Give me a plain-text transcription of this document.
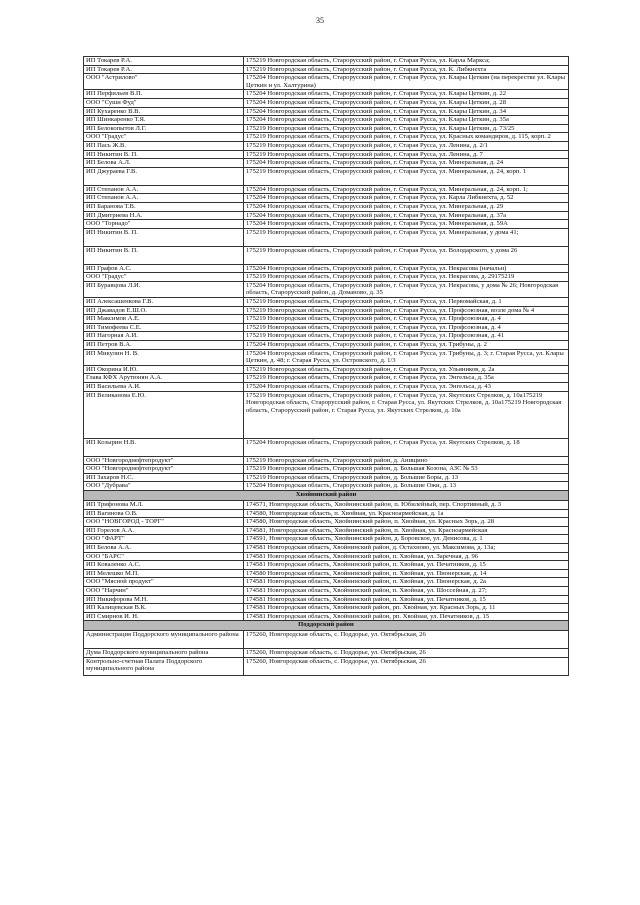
35
ИП Токарев Р.А.	175219 Новгородская область, Старорусский район, г. Старая Русса, ул. Карла Маркса;
ИП Токарев Р.А.	175219 Новгородская область, Старорусский район, г. Старая Русса, ул. К. Либкнехта
ООО "Астрилово"	175204 Новгородская область, Старорусский район, г. Старая Русса, ул. Клары Цеткин (на перекрестке ул. Клары Цеткин и ул. Халтурина)
ИП Перфильев В.П.	175204 Новгородская область, Старорусский район, г. Старая Русса, ул. Клары Цеткин, д. 22
ООО "Суши Фуд"	175204 Новгородская область, Старорусский район, г. Старая Русса, ул. Клары Цеткин, д. 28
ИП Кухаренко В.В.	175204 Новгородская область, Старорусский район, г. Старая Русса, ул. Клары Цеткин, д. 34
ИП Шинкаренко Т.Я.	175204 Новгородская область, Старорусский район, г. Старая Русса, ул. Клары Цеткин, д. 35а
ИП Белокопытов Л.Г.	175219 Новгородская область, Старорусский район, г. Старая Русса, ул. Клары Цеткин, д. 73/25
ООО "Градус"	175219 Новгородская область, Старорусский район, г. Старая Русса, ул. Красных командиров, д. 115, корп. 2
ИП Пась Ж.В.	175219 Новгородская область, Старорусский район, г. Старая Русса, ул. Ленина, д. 2/1
ИП Никитин В. П.	175219 Новгородская область, Старорусский район, г. Старая Русса, ул. Ленина, д. 7
ИП Белова А.Л.	175204 Новгородская область, Старорусский район, г. Старая Русса, ул. Минеральная, д. 24
ИП Джураева Г.В.	175219 Новгородская область, Старорусский район, г. Старая Русса, ул. Минеральная, д. 24, корп. 1
ИП Степанов А.А.	175204 Новгородская область, Старорусский район, г. Старая Русса, ул. Минеральная, д. 24, корп. 1;
ИП Степанов А.А.	175204 Новгородская область, Старорусский район, г. Старая Русса, ул. Карла Либкнехта, д. 52
ИП Баранова Т.В.	175204 Новгородская область, Старорусский район, г. Старая Русса, ул. Минеральная, д. 29
ИП Дмитриева Н.А.	175204 Новгородская область, Старорусский район, г. Старая Русса, ул. Минеральная, д. 37а
ООО "Торнадо"	175204 Новгородская область, Старорусский район, г. Старая Русса, ул. Минеральная, д. 59А
ИП Никитин В. П.	175219 Новгородская область, Старорусский район, г. Старая Русса, ул. Минеральная, у дома 41;
ИП Никитин В. П.	175219 Новгородская область, Старорусский район, г. Старая Русса, ул. Володарского, у дома 26
ИП Графов А.С.	175204 Новгородская область, Старорусский район, г. Старая Русса, ул. Некрасова (начальн)
ООО "Градус"	175219 Новгородская область, Старорусский район, г. Старая Русса, ул. Некрасова, д. 29175219
ИП Буравцова Л.И.	175204 Новгородская область, Старорусский район, г. Старая Русса, ул. Некрасова, у дома № 26; Новгородская область, Старорусский район, д. Доманово, д. 35
ИП Алексашенкова Г.В.	175219 Новгородская область, Старорусский район, г. Старая Русса, ул. Первомайская, д. 1
ИП Джавадов Е.Ш.О.	175219 Новгородская область, Старорусский район, г. Старая Русса, ул. Профсоюзная, возле дома № 4
ИП Максимов А.Е.	175219 Новгородская область, Старорусский район, г. Старая Русса, ул. Профсоюзная, д. 4
ИП Тимофеева С.Е.	175219 Новгородская область, Старорусский район, г. Старая Русса, ул. Профсоюзная, д. 4
ИП Нагорная А.И.	175219 Новгородская область, Старорусский район, г. Старая Русса, ул. Профсоюзная, д. 41
ИП Петров В.А.	175204 Новгородская область, Старорусский район, г. Старая Русса, ул. Трибуны, д. 2
ИП Микулин Н. В.	175204 Новгородская область, Старорусский район, г. Старая Русса, ул. Трибуны, д. 3; г. Старая Русса, ул. Клары Цеткин, д. 48; г. Старая Русса, ул. Островского, д. 1/3
ИП Окорина И.Ю.	175219 Новгородская область, Старорусский район, г. Старая Русса, ул. Ульяников, д. 2а
Глава КФХ Арутюнян А.А.	175219 Новгородская область, Старорусский район, г. Старая Русса, ул. Энгельса, д. 35а
ИП Васильева А.И.	175204 Новгородская область, Старорусский район, г. Старая Русса, ул. Энгельса, д. 43
ИП Великанова Е.Ю.	175219 Новгородская область, Старорусский район, г. Старая Русса, ул. Якутских Стрелков, д. 10а175219 Новгородская область, Старорусский район, г. Старая Русса, ул. Якутских Стрелков, д. 10а175219 Новгородская область, Старорусский район, г. Старая Русса, ул. Якутских Стрелков, д. 10а
ИП Козырин Н.В.	175204 Новгородская область, Старорусский район, г. Старая Русса, ул. Якутских Стрелков, д. 18
ООО "Новгороднефтепродукт"	175219 Новгородская область, Старорусский район, д. Анищино
ООО "Новгороднефтепродукт"	175219 Новгородская область, Старорусский район, д. Большая Козона, АЗС № 53
ИП Захаров Н.С.	175219 Новгородская область, Старорусский район, д. Большие Боры, д. 13
ООО "Дубрава"	175204 Новгородская область, Старорусский район, д. Большие Ожи, д. 13
Хвойнинский район	
ИП Трифонова М.Л.	174571, Новгородская область, Хвойнинский район, п. Юбилейный, пер. Спортивный, д. 3
ИП Вагинова О.В.	174580, Новгородская область, п. Хвойная, ул. Красноармейская, д. 1а
ООО "НОВГОРОД - ТОРГ"	174580, Новгородская область, Хвойнинский район, п. Хвойная, ул. Красных Зорь, д. 28
ИП Горелов А.А.	174581, Новгородская область, Хвойнинский район, п. Хвойная, ул. Красноармейская
ООО "ФАРТ"	174591, Новгородская область, Хвойнинский район, д. Боровское, ул. Денисова, д. 1
ИП Белова А.А.	174581 Новгородская область, Хвойнинский район, д. Остахново, ул. Максимова, д. 13а;
ООО "БАРС"	174581 Новгородская область, Хвойнинский район, п. Хвойная, ул. Заречная, д. 96
ИП Коваленко А.С.	174581 Новгородская область, Хвойнинский район, п. Хвойная, ул. Печатников, д. 15
ИП Мелешко М.П.	174580 Новгородская область, Хвойнинский район, п. Хвойная, ул. Пионерская, д. 14
ООО "Мясной продукт"	174581 Новгородская область, Хвойнинский район, п. Хвойная, ул. Пионерская, д. 2а
ООО "Нарчин"	174581 Новгородская область, Хвойнинский район, п. Хвойная, ул. Шоссейная, д. 27;
ИП Никифорова М.Н.	174581 Новгородская область, Хвойнинский район, п. Хвойная, ул. Печатников, д. 15
ИП Калицевская В.К.	174581 Новгородская область, Хвойнинский район, рп. Хвойная, ул. Красных Зорь, д. 11
ИП Смирнов И. Н.	174581 Новгородская область, Хвойнинский район, рп. Хвойная, ул. Печатников, д. 15
Поддорский район	
Администрация Поддорского муниципального района	175260, Новгородская область, с. Поддорье, ул. Октябрьская, 26
Дума Поддорского муниципального района	175260, Новгородская область, с. Поддорье, ул. Октябрьская, 26
Контрольно-счетная Палата Поддорского муниципального района	175260, Новгородская область, с. Поддорье, ул. Октябрьская, 26
